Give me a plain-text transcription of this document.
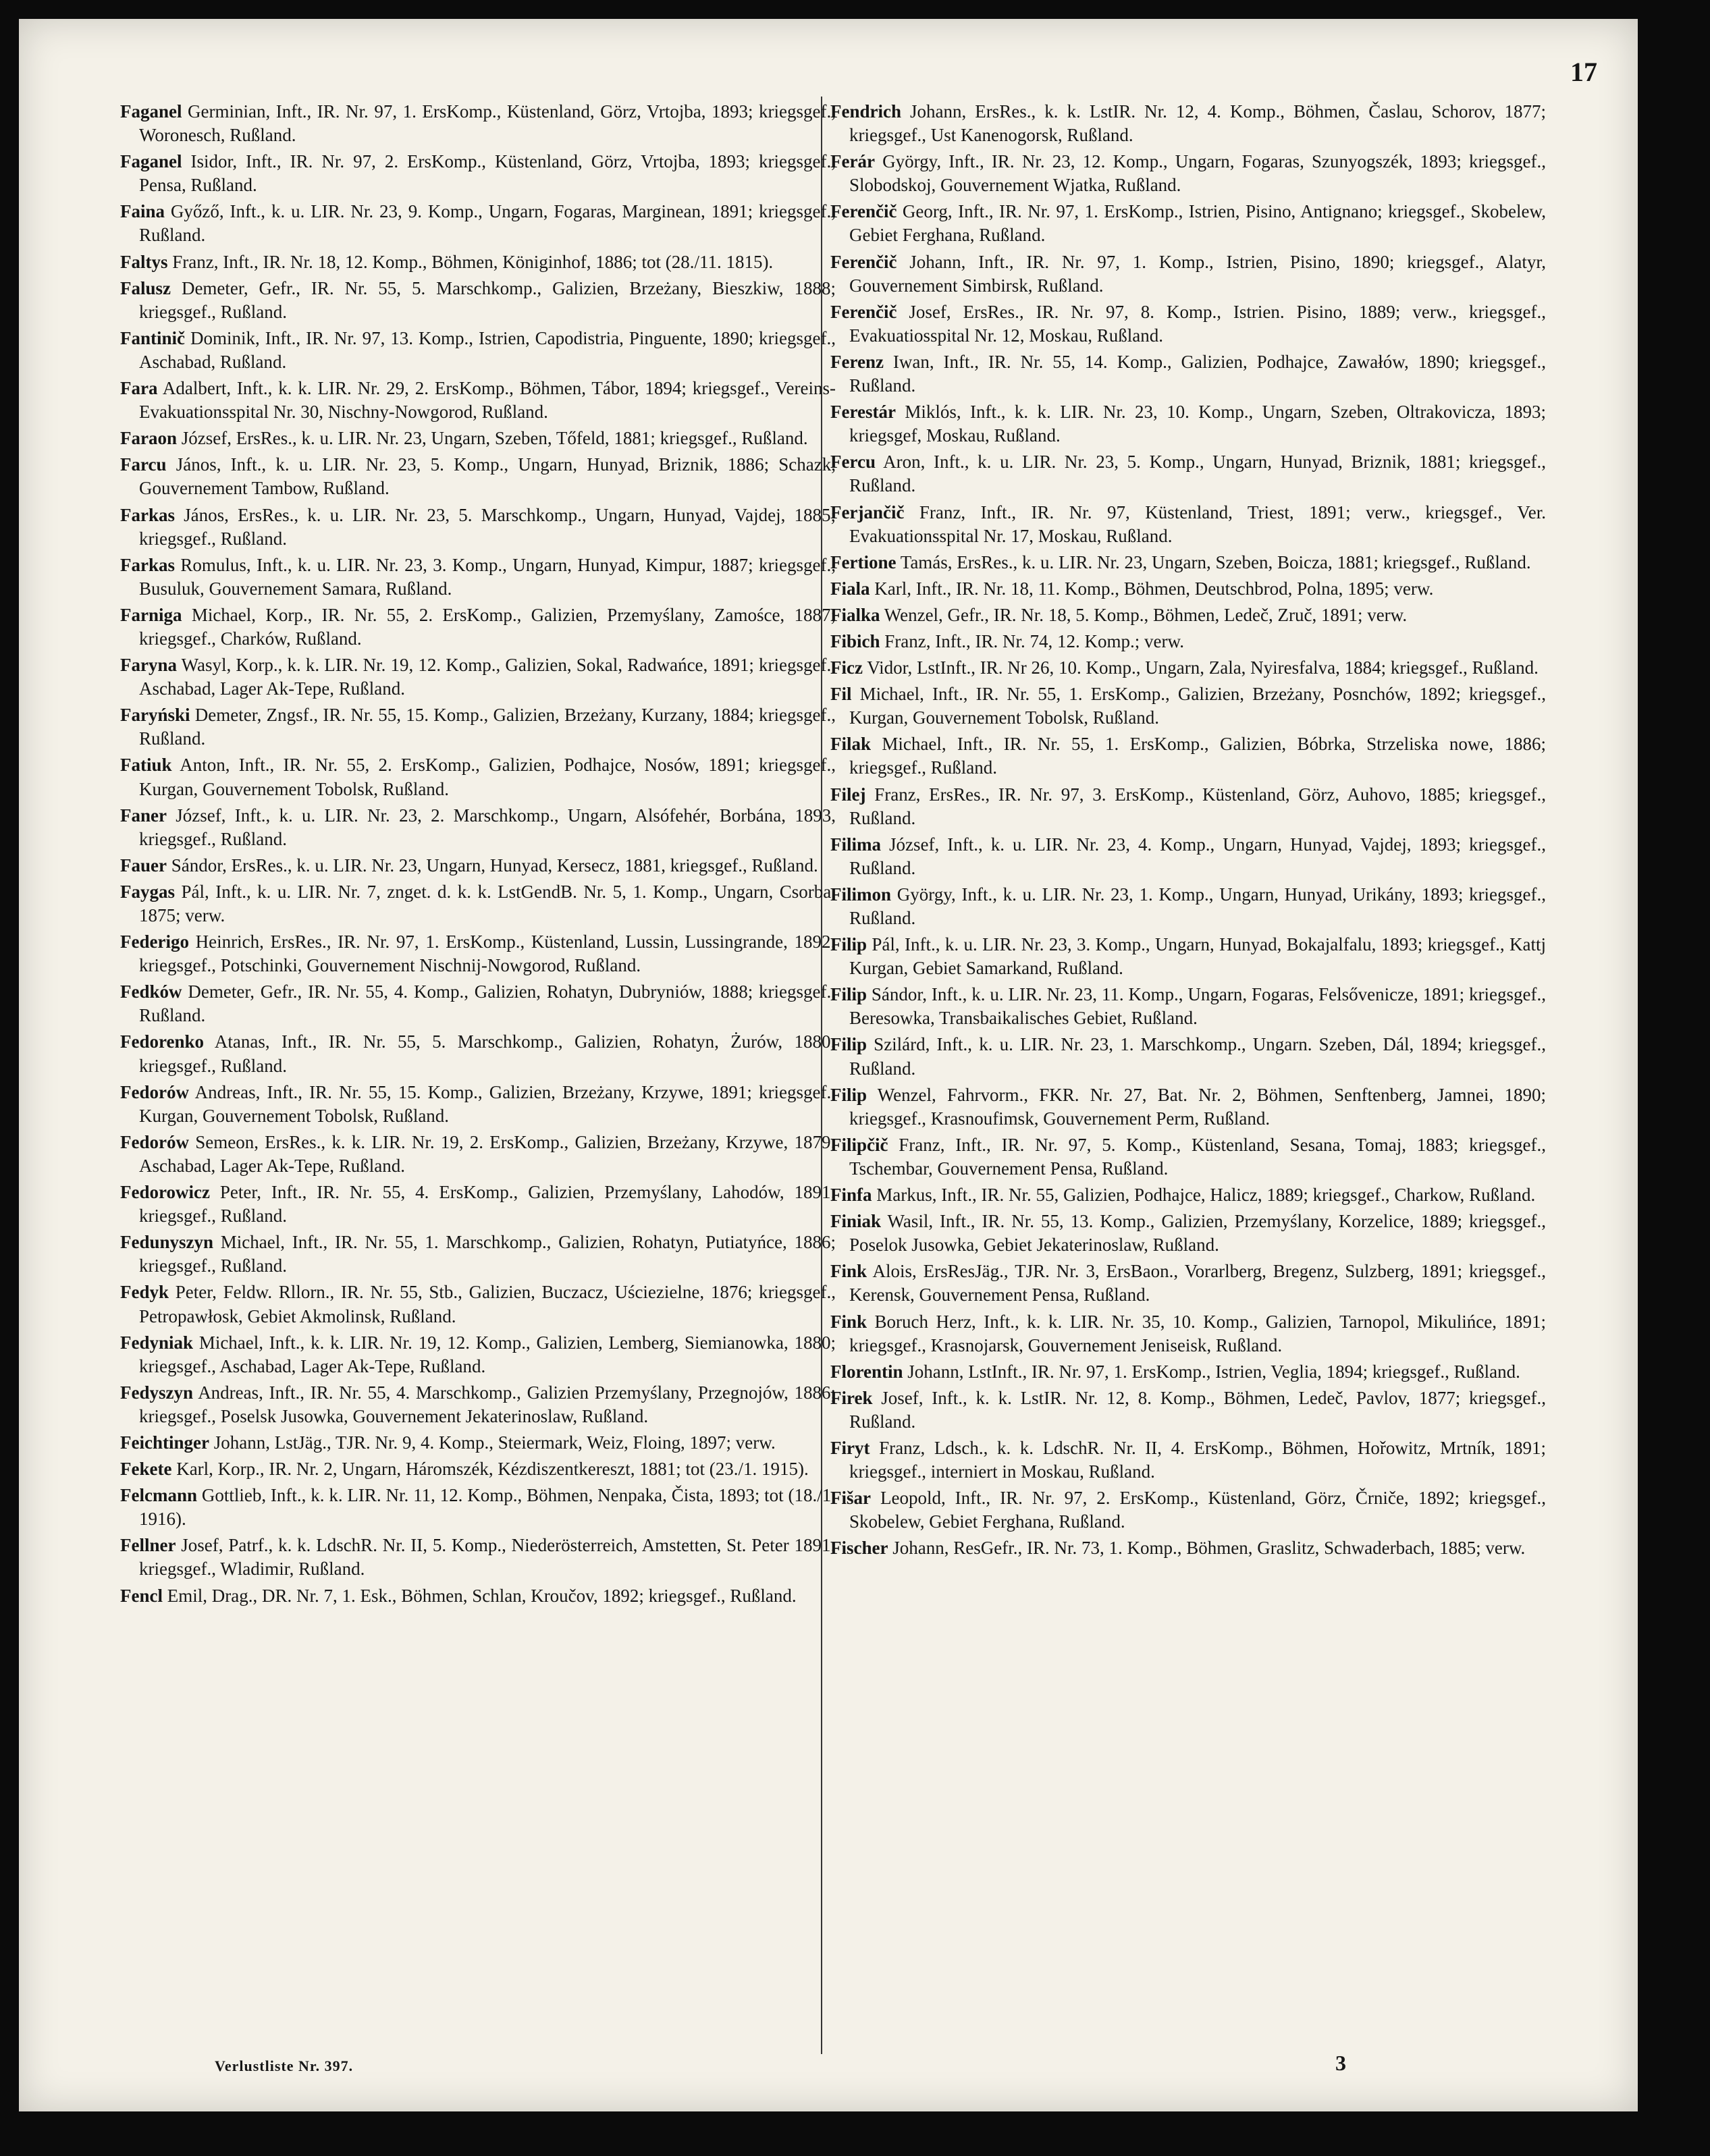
17

Faganel Germinian, Inft., IR. Nr. 97, 1. ErsKomp., Küstenland, Görz, Vrtojba, 1893; kriegsgef., Woronesch, Rußland.

Faganel Isidor, Inft., IR. Nr. 97, 2. ErsKomp., Küstenland, Görz, Vrtojba, 1893; kriegsgef., Pensa, Rußland.

Faina Győző, Inft., k. u. LIR. Nr. 23, 9. Komp., Ungarn, Fogaras, Marginean, 1891; kriegsgef., Rußland.

Faltys Franz, Inft., IR. Nr. 18, 12. Komp., Böhmen, Königinhof, 1886; tot (28./11. 1815).

Falusz Demeter, Gefr., IR. Nr. 55, 5. Marschkomp., Galizien, Brzeżany, Bieszkiw, 1888; kriegsgef., Rußland.

Fantinič Dominik, Inft., IR. Nr. 97, 13. Komp., Istrien, Capodistria, Pinguente, 1890; kriegsgef., Aschabad, Rußland.

Fara Adalbert, Inft., k. k. LIR. Nr. 29, 2. ErsKomp., Böhmen, Tábor, 1894; kriegsgef., Vereins-Evakuationsspital Nr. 30, Nischny-Nowgorod, Rußland.

Faraon József, ErsRes., k. u. LIR. Nr. 23, Ungarn, Szeben, Tőfeld, 1881; kriegsgef., Rußland.

Farcu János, Inft., k. u. LIR. Nr. 23, 5. Komp., Ungarn, Hunyad, Briznik, 1886; Schazk, Gouvernement Tambow, Rußland.

Farkas János, ErsRes., k. u. LIR. Nr. 23, 5. Marschkomp., Ungarn, Hunyad, Vajdej, 1885; kriegsgef., Rußland.

Farkas Romulus, Inft., k. u. LIR. Nr. 23, 3. Komp., Ungarn, Hunyad, Kimpur, 1887; kriegsgef., Busuluk, Gouvernement Samara, Rußland.

Farniga Michael, Korp., IR. Nr. 55, 2. ErsKomp., Galizien, Przemyślany, Zamośce, 1887; kriegsgef., Charków, Rußland.

Faryna Wasyl, Korp., k. k. LIR. Nr. 19, 12. Komp., Galizien, Sokal, Radwańce, 1891; kriegsgef., Aschabad, Lager Ak-Tepe, Rußland.

Faryński Demeter, Zngsf., IR. Nr. 55, 15. Komp., Galizien, Brzeżany, Kurzany, 1884; kriegsgef., Rußland.

Fatiuk Anton, Inft., IR. Nr. 55, 2. ErsKomp., Galizien, Podhajce, Nosów, 1891; kriegsgef., Kurgan, Gouvernement Tobolsk, Rußland.

Faner József, Inft., k. u. LIR. Nr. 23, 2. Marschkomp., Ungarn, Alsófehér, Borbána, 1893, kriegsgef., Rußland.

Fauer Sándor, ErsRes., k. u. LIR. Nr. 23, Ungarn, Hunyad, Kersecz, 1881, kriegsgef., Rußland.

Faygas Pál, Inft., k. u. LIR. Nr. 7, znget. d. k. k. LstGendB. Nr. 5, 1. Komp., Ungarn, Csorba, 1875; verw.

Federigo Heinrich, ErsRes., IR. Nr. 97, 1. ErsKomp., Küstenland, Lussin, Lussingrande, 1892; kriegsgef., Potschinki, Gouvernement Nischnij-Nowgorod, Rußland.

Fedków Demeter, Gefr., IR. Nr. 55, 4. Komp., Galizien, Rohatyn, Dubryniów, 1888; kriegsgef., Rußland.

Fedorenko Atanas, Inft., IR. Nr. 55, 5. Marschkomp., Galizien, Rohatyn, Żurów, 1880; kriegsgef., Rußland.

Fedorów Andreas, Inft., IR. Nr. 55, 15. Komp., Galizien, Brzeżany, Krzywe, 1891; kriegsgef., Kurgan, Gouvernement Tobolsk, Rußland.

Fedorów Semeon, ErsRes., k. k. LIR. Nr. 19, 2. ErsKomp., Galizien, Brzeżany, Krzywe, 1879; Aschabad, Lager Ak-Tepe, Rußland.

Fedorowicz Peter, Inft., IR. Nr. 55, 4. ErsKomp., Galizien, Przemyślany, Lahodów, 1891; kriegsgef., Rußland.

Fedunyszyn Michael, Inft., IR. Nr. 55, 1. Marschkomp., Galizien, Rohatyn, Putiatyńce, 1886; kriegsgef., Rußland.

Fedyk Peter, Feldw. Rllorn., IR. Nr. 55, Stb., Galizien, Buczacz, Uściezielne, 1876; kriegsgef., Petropawłosk, Gebiet Akmolinsk, Rußland.

Fedyniak Michael, Inft., k. k. LIR. Nr. 19, 12. Komp., Galizien, Lemberg, Siemianowka, 1880; kriegsgef., Aschabad, Lager Ak-Tepe, Rußland.

Fedyszyn Andreas, Inft., IR. Nr. 55, 4. Marschkomp., Galizien Przemyślany, Przegnojów, 1886; kriegsgef., Poselsk Jusowka, Gouvernement Jekaterinoslaw, Rußland.

Feichtinger Johann, LstJäg., TJR. Nr. 9, 4. Komp., Steiermark, Weiz, Floing, 1897; verw.

Fekete Karl, Korp., IR. Nr. 2, Ungarn, Háromszék, Kézdiszentkereszt, 1881; tot (23./1. 1915).

Felcmann Gottlieb, Inft., k. k. LIR. Nr. 11, 12. Komp., Böhmen, Nenpaka, Čista, 1893; tot (18./1. 1916).

Fellner Josef, Patrf., k. k. LdschR. Nr. II, 5. Komp., Niederösterreich, Amstetten, St. Peter 1891; kriegsgef., Wladimir, Rußland.

Fencl Emil, Drag., DR. Nr. 7, 1. Esk., Böhmen, Schlan, Kroučov, 1892; kriegsgef., Rußland.

Fendrich Johann, ErsRes., k. k. LstIR. Nr. 12, 4. Komp., Böhmen, Časlau, Schorov, 1877; kriegsgef., Ust Kanenogorsk, Rußland.

Ferár György, Inft., IR. Nr. 23, 12. Komp., Ungarn, Fogaras, Szunyogszék, 1893; kriegsgef., Slobodskoj, Gouvernement Wjatka, Rußland.

Ferenčič Georg, Inft., IR. Nr. 97, 1. ErsKomp., Istrien, Pisino, Antignano; kriegsgef., Skobelew, Gebiet Ferghana, Rußland.

Ferenčič Johann, Inft., IR. Nr. 97, 1. Komp., Istrien, Pisino, 1890; kriegsgef., Alatyr, Gouvernement Simbirsk, Rußland.

Ferenčič Josef, ErsRes., IR. Nr. 97, 8. Komp., Istrien. Pisino, 1889; verw., kriegsgef., Evakuatiosspital Nr. 12, Moskau, Rußland.

Ferenz Iwan, Inft., IR. Nr. 55, 14. Komp., Galizien, Podhajce, Zawałów, 1890; kriegsgef., Rußland.

Ferestár Miklós, Inft., k. k. LIR. Nr. 23, 10. Komp., Ungarn, Szeben, Oltrakovicza, 1893; kriegsgef, Moskau, Rußland.

Fercu Aron, Inft., k. u. LIR. Nr. 23, 5. Komp., Ungarn, Hunyad, Briznik, 1881; kriegsgef., Rußland.

Ferjančič Franz, Inft., IR. Nr. 97, Küstenland, Triest, 1891; verw., kriegsgef., Ver. Evakuationsspital Nr. 17, Moskau, Rußland.

Fertione Tamás, ErsRes., k. u. LIR. Nr. 23, Ungarn, Szeben, Boicza, 1881; kriegsgef., Rußland.

Fiala Karl, Inft., IR. Nr. 18, 11. Komp., Böhmen, Deutschbrod, Polna, 1895; verw.

Fialka Wenzel, Gefr., IR. Nr. 18, 5. Komp., Böhmen, Ledeč, Zruč, 1891; verw.

Fibich Franz, Inft., IR. Nr. 74, 12. Komp.; verw.

Ficz Vidor, LstInft., IR. Nr 26, 10. Komp., Ungarn, Zala, Nyiresfalva, 1884; kriegsgef., Rußland.

Fil Michael, Inft., IR. Nr. 55, 1. ErsKomp., Galizien, Brzeżany, Posnchów, 1892; kriegsgef., Kurgan, Gouvernement Tobolsk, Rußland.

Filak Michael, Inft., IR. Nr. 55, 1. ErsKomp., Galizien, Bóbrka, Strzeliska nowe, 1886; kriegsgef., Rußland.

Filej Franz, ErsRes., IR. Nr. 97, 3. ErsKomp., Küstenland, Görz, Auhovo, 1885; kriegsgef., Rußland.

Filima József, Inft., k. u. LIR. Nr. 23, 4. Komp., Ungarn, Hunyad, Vajdej, 1893; kriegsgef., Rußland.

Filimon György, Inft., k. u. LIR. Nr. 23, 1. Komp., Ungarn, Hunyad, Urikány, 1893; kriegsgef., Rußland.

Filip Pál, Inft., k. u. LIR. Nr. 23, 3. Komp., Ungarn, Hunyad, Bokajalfalu, 1893; kriegsgef., Kattj Kurgan, Gebiet Samarkand, Rußland.

Filip Sándor, Inft., k. u. LIR. Nr. 23, 11. Komp., Ungarn, Fogaras, Felsővenicze, 1891; kriegsgef., Beresowka, Transbaikalisches Gebiet, Rußland.

Filip Szilárd, Inft., k. u. LIR. Nr. 23, 1. Marschkomp., Ungarn. Szeben, Dál, 1894; kriegsgef., Rußland.

Filip Wenzel, Fahrvorm., FKR. Nr. 27, Bat. Nr. 2, Böhmen, Senftenberg, Jamnei, 1890; kriegsgef., Krasnoufimsk, Gouvernement Perm, Rußland.

Filipčič Franz, Inft., IR. Nr. 97, 5. Komp., Küstenland, Sesana, Tomaj, 1883; kriegsgef., Tschembar, Gouvernement Pensa, Rußland.

Finfa Markus, Inft., IR. Nr. 55, Galizien, Podhajce, Halicz, 1889; kriegsgef., Charkow, Rußland.

Finiak Wasil, Inft., IR. Nr. 55, 13. Komp., Galizien, Przemyślany, Korzelice, 1889; kriegsgef., Poselok Jusowka, Gebiet Jekaterinoslaw, Rußland.

Fink Alois, ErsResJäg., TJR. Nr. 3, ErsBaon., Vorarlberg, Bregenz, Sulzberg, 1891; kriegsgef., Kerensk, Gouvernement Pensa, Rußland.

Fink Boruch Herz, Inft., k. k. LIR. Nr. 35, 10. Komp., Galizien, Tarnopol, Mikulińce, 1891; kriegsgef., Krasnojarsk, Gouvernement Jeniseisk, Rußland.

Florentin Johann, LstInft., IR. Nr. 97, 1. ErsKomp., Istrien, Veglia, 1894; kriegsgef., Rußland.

Firek Josef, Inft., k. k. LstIR. Nr. 12, 8. Komp., Böhmen, Ledeč, Pavlov, 1877; kriegsgef., Rußland.

Firyt Franz, Ldsch., k. k. LdschR. Nr. II, 4. ErsKomp., Böhmen, Hořowitz, Mrtník, 1891; kriegsgef., interniert in Moskau, Rußland.

Fišar Leopold, Inft., IR. Nr. 97, 2. ErsKomp., Küstenland, Görz, Črniče, 1892; kriegsgef., Skobelew, Gebiet Ferghana, Rußland.

Fischer Johann, ResGefr., IR. Nr. 73, 1. Komp., Böhmen, Graslitz, Schwaderbach, 1885; verw.

Verlustliste Nr. 397.	3
